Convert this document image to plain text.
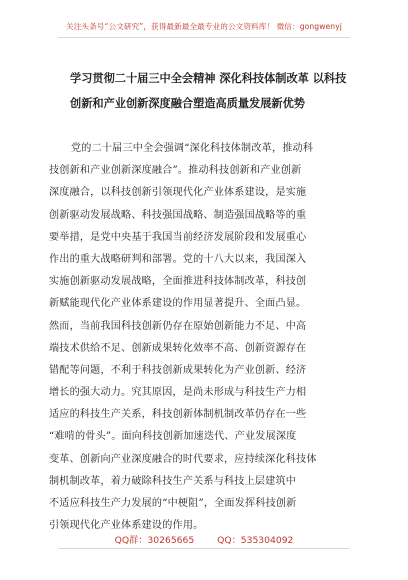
关注头条号“公文研究”，获得最新最全最专业的公文资料库！ 微信：gongwenyj
学习贯彻二十届三中全会精神 深化科技体制改革 以科技
创新和产业创新深度融合塑造高质量发展新优势
党的二十届三中全会强调“深化科技体制改革，推动科
技创新和产业创新深度融合”。推动科技创新和产业创新
深度融合，以科技创新引领现代化产业体系建设，是实施
创新驱动发展战略、科技强国战略、制造强国战略等的重
要举措，是党中央基于我国当前经济发展阶段和发展重心
作出的重大战略研判和部署。党的十八大以来，我国深入
实施创新驱动发展战略，全面推进科技体制改革，科技创
新赋能现代化产业体系建设的作用显著提升、全面凸显。
然而，当前我国科技创新仍存在原始创新能力不足、中高
端技术供给不足、创新成果转化效率不高、创新资源存在
错配等问题，不利于科技创新成果转化为产业创新、经济
增长的强大动力。究其原因，是尚未形成与科技生产力相
适应的科技生产关系，科技创新体制机制改革仍存在一些
“难啃的骨头”。面向科技创新加速迭代、产业发展深度
变革、创新向产业深度融合的时代要求，应持续深化科技体
制机制改革，着力破除科技生产关系与科技上层建筑中
不适应科技生产力发展的“中梗阻”，全面发挥科技创新
引领现代化产业体系建设的作用。
QQ群：30265665 QQ：535304092
